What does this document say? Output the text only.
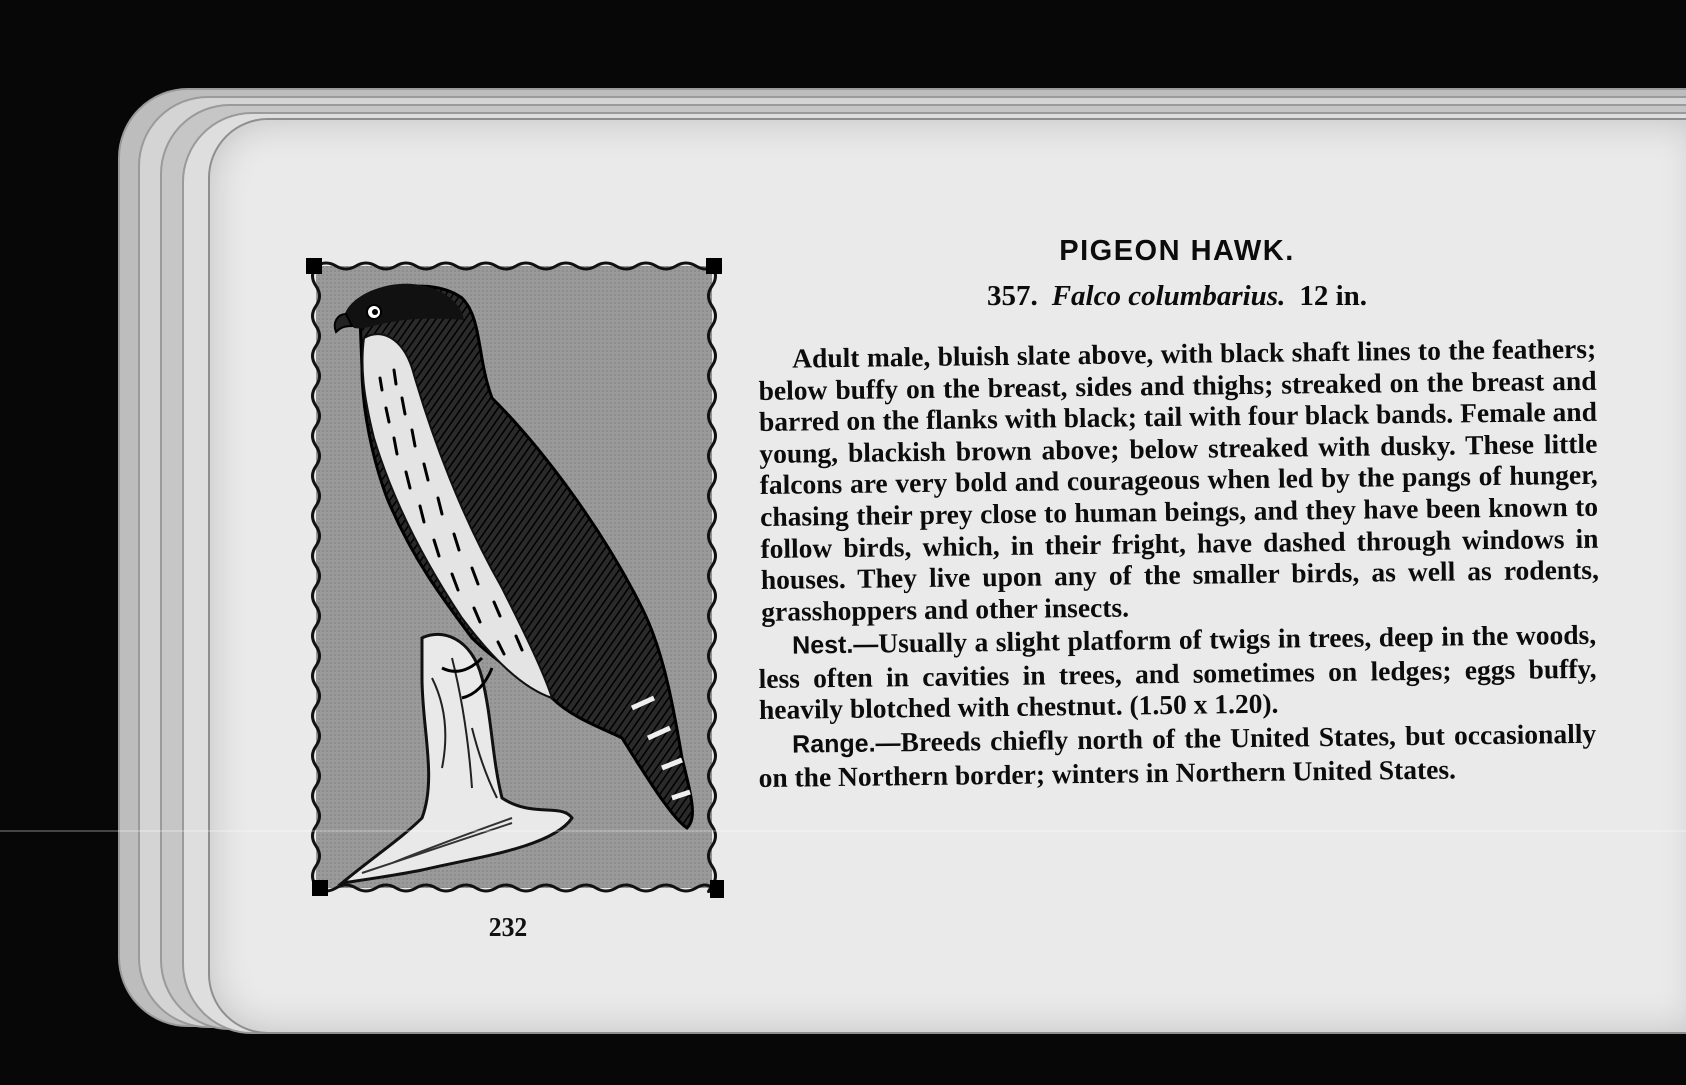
232
PIGEON HAWK.
357. Falco columbarius. 12 in.

Adult male, bluish slate above, with black shaft lines to the feathers; below buffy on the breast, sides and thighs; streaked on the breast and barred on the flanks with black; tail with four black bands. Female and young, blackish brown above; below streaked with dusky. These little falcons are very bold and courageous when led by the pangs of hunger, chasing their prey close to human beings, and they have been known to follow birds, which, in their fright, have dashed through windows in houses. They live upon any of the smaller birds, as well as rodents, grasshoppers and other insects.

Nest.—Usually a slight platform of twigs in trees, deep in the woods, less often in cavities in trees, and sometimes on ledges; eggs buffy, heavily blotched with chestnut. (1.50 x 1.20).

Range.—Breeds chiefly north of the United States, but occasionally on the Northern border; winters in Northern United States.
